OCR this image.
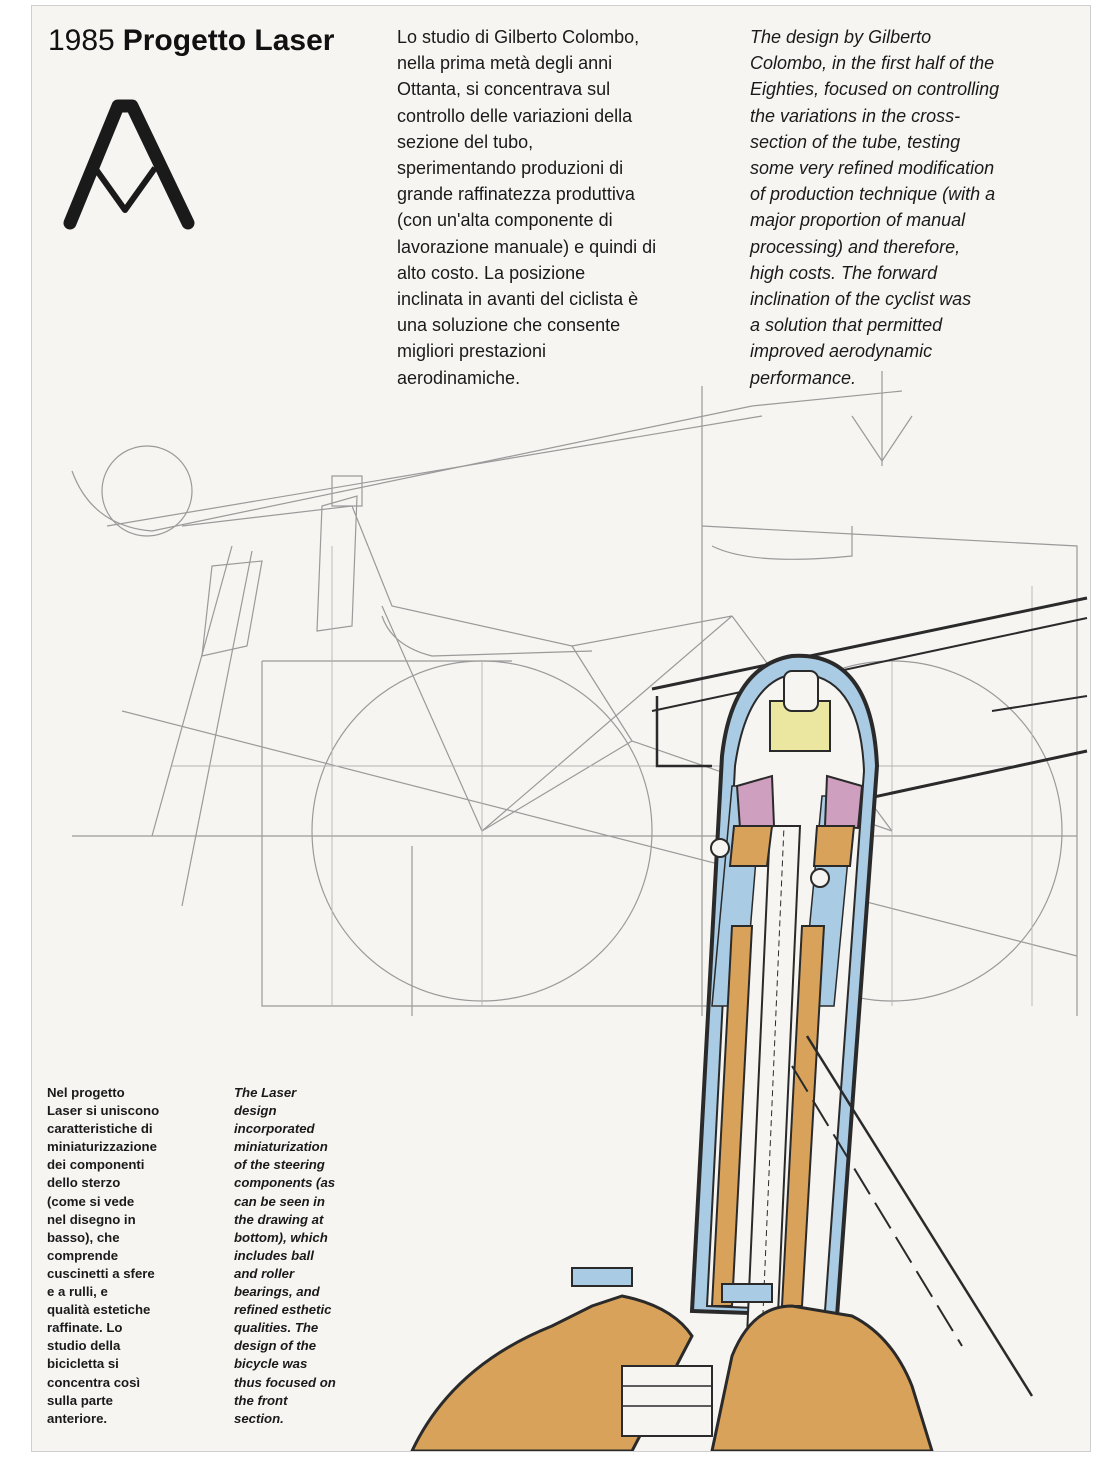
1985 Progetto Laser	Lo studio di Gilberto Colombo,
nella prima metà degli anni
Ottanta, si concentrava sul
controllo delle variazioni della
sezione del tubo,
sperimentando produzioni di
grande raffinatezza produttiva
(con un'alta componente di
lavorazione manuale) e quindi di
alto costo. La posizione
inclinata in avanti del ciclista è
una soluzione che consente
migliori prestazioni
aerodinamiche.
The design by Gilberto
Colombo, in the first half of the
Eighties, focused on controlling
the variations in the cross-
section of the tube, testing
some very refined modification
of production technique (with a
major proportion of manual
processing) and therefore,
high costs. The forward
inclination of the cyclist was
a solution that permitted
improved aerodynamic
performance.
Nel progetto
Laser si uniscono
caratteristiche di
miniaturizzazione
dei componenti
dello sterzo
(come si vede
nel disegno in
basso), che
comprende
cuscinetti a sfere
e a rulli, e
qualità estetiche
raffinate. Lo
studio della
bicicletta si
concentra così
sulla parte
anteriore.
The Laser
design
incorporated
miniaturization
of the steering
components (as
can be seen in
the drawing at
bottom), which
includes ball
and roller
bearings, and
refined esthetic
qualities. The
design of the
bicycle was
thus focused on
the front
section.
